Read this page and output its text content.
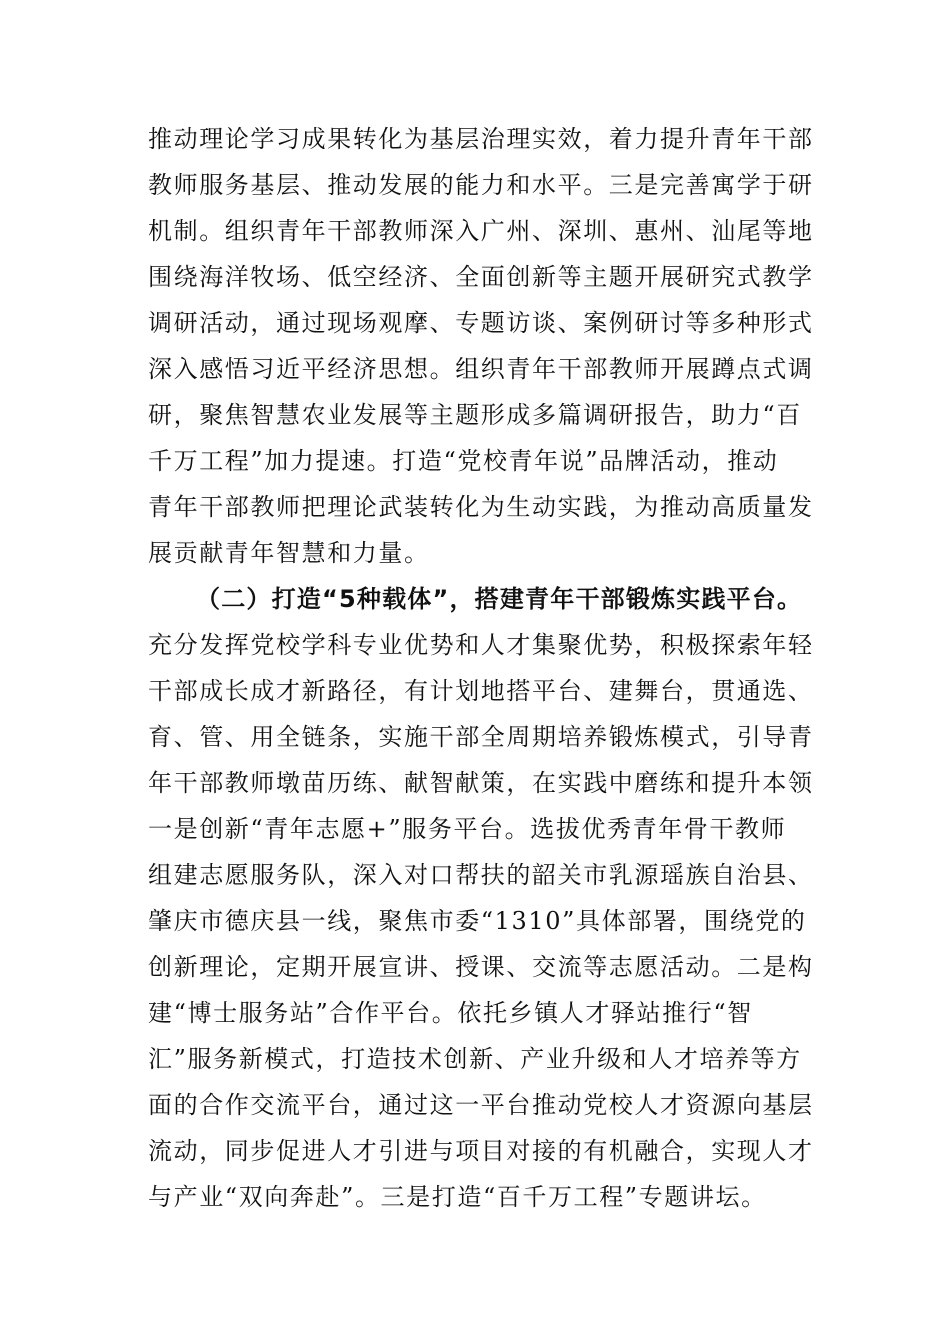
推动理论学习成果转化为基层治理实效，着力提升青年干部
教师服务基层、推动发展的能力和水平。三是完善寓学于研
机制。组织青年干部教师深入广州、深圳、惠州、汕尾等地
围绕海洋牧场、低空经济、全面创新等主题开展研究式教学
调研活动，通过现场观摩、专题访谈、案例研讨等多种形式
深入感悟习近平经济思想。组织青年干部教师开展蹲点式调
研，聚焦智慧农业发展等主题形成多篇调研报告，助力“百
千万工程”加力提速。打造“党校青年说”品牌活动，推动
青年干部教师把理论武装转化为生动实践，为推动高质量发
展贡献青年智慧和力量。
（二）打造“5种载体”，搭建青年干部锻炼实践平台。
充分发挥党校学科专业优势和人才集聚优势，积极探索年轻
干部成长成才新路径，有计划地搭平台、建舞台，贯通选、
育、管、用全链条，实施干部全周期培养锻炼模式，引导青
年干部教师墩苗历练、献智献策，在实践中磨练和提升本领
一是创新“青年志愿+”服务平台。选拔优秀青年骨干教师
组建志愿服务队，深入对口帮扶的韶关市乳源瑶族自治县、
肇庆市德庆县一线，聚焦市委“1310”具体部署，围绕党的
创新理论，定期开展宣讲、授课、交流等志愿活动。二是构
建“博士服务站”合作平台。依托乡镇人才驿站推行“智
汇”服务新模式，打造技术创新、产业升级和人才培养等方
面的合作交流平台，通过这一平台推动党校人才资源向基层
流动，同步促进人才引进与项目对接的有机融合，实现人才
与产业“双向奔赴”。三是打造“百千万工程”专题讲坛。
